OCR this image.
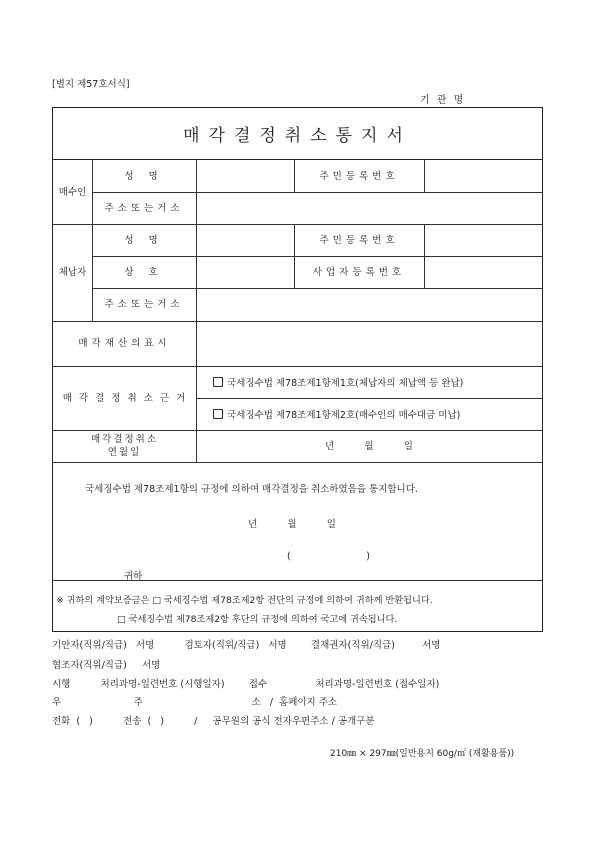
[별지 제57호서식]
기 관 명
매각결정취소통지서
매수인
성 명	주민등록번호
주소또는거소
체납자
성 명	주민등록번호
상 호	사업자등록번호
주소또는거소
매각재산의표시
매 각 결 정 취 소 근 거
국세징수법 제78조제1항제1호(체납자의 체납액 등 완납)
국세징수법 제78조제1항제2호(매수인의 매수대금 미납)
매각결정취소
연월일
년          월          일
국세징수법 제78조제1항의 규정에 의하여 매각결정을 취소하였음을 통지합니다.
년          월          일
(                         )
귀하
※ 귀하의 계약보증금은 □ 국세징수법 제78조제2항 전단의 규정에 의하여 귀하께 반환됩니다.
□ 국세징수법 제78조제2항 후단의 규정에 의하여 국고에 귀속됩니다.
기안자(직위/직급)   서명          검토자(직위/직급)   서명        결재권자(직위/직급)         서명
협조자(직위/직급)     서명
시행          처리과명-일련번호 (시행일자)        접수                처리과명-일련번호 (접수일자)
우                        주                                    소   /  홈페이지 주소
전화  (   )          전송  (   )          /     공무원의 공식 전자우편주소 / 공개구분
210㎜ × 297㎜(일반용지 60g/㎡ (재활용품))
